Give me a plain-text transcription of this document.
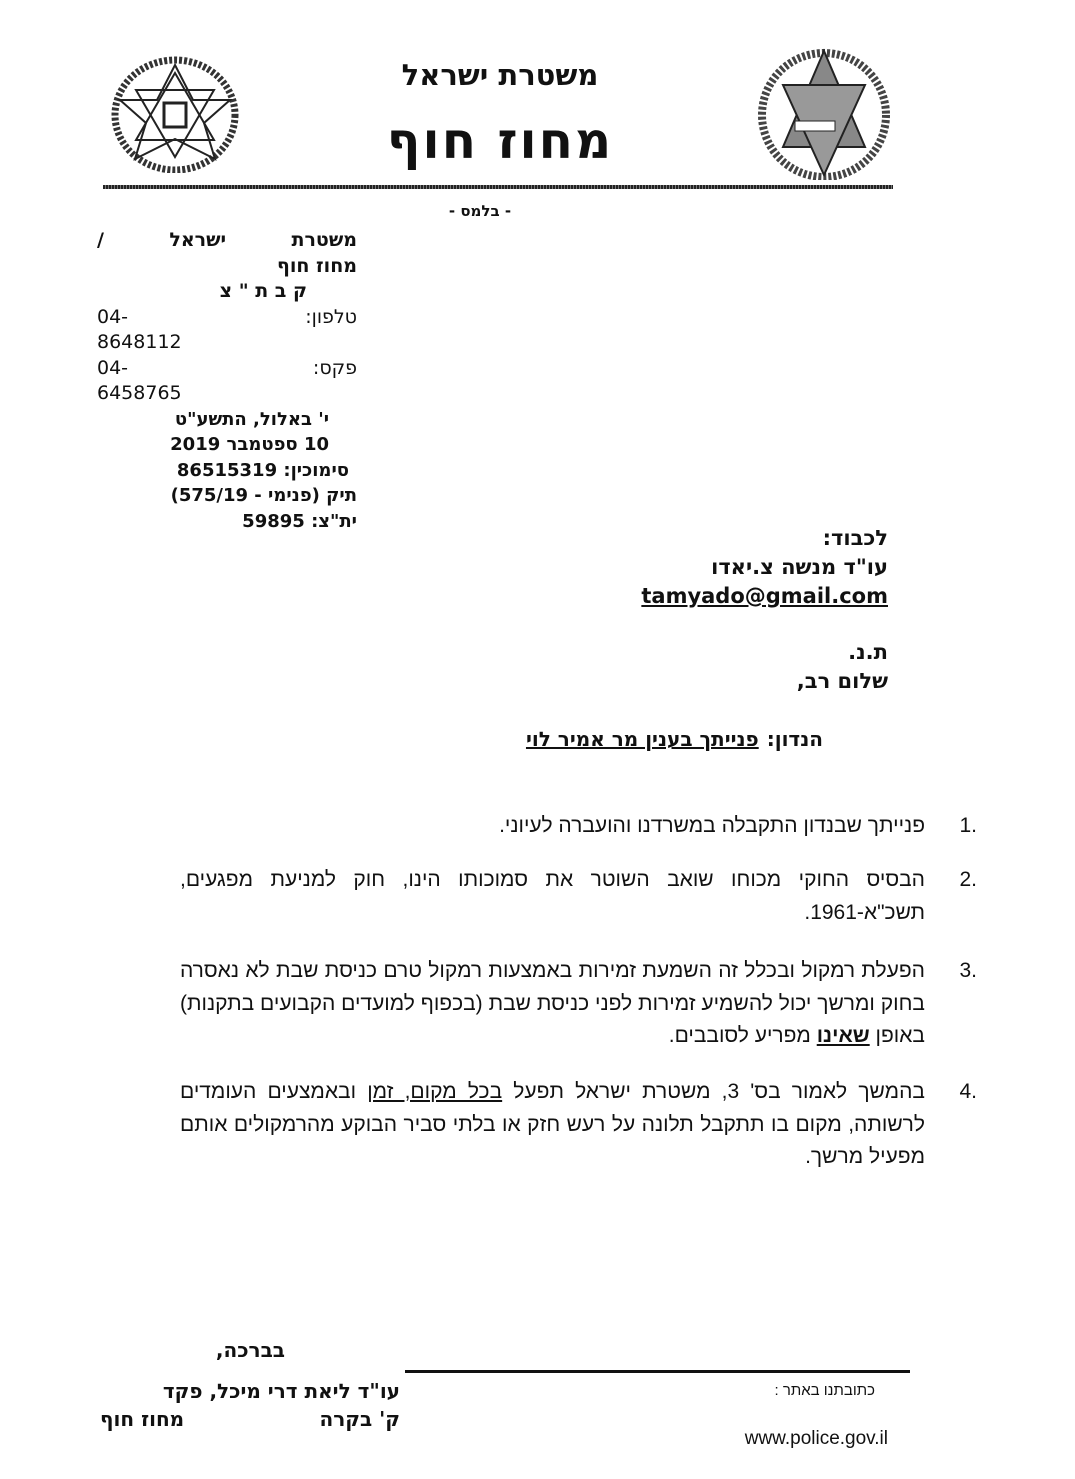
משטרת ישראל
מחוז חוף
- בלמס -
משטרת
ישראל
/
מחוז חוף
ק ב ת " צ
טלפון:
04-
8648112
פקס:
04-
6458765
י' באלול, התשע"ט
10 ספטמבר 2019
סימוכין: 86515319
תיק (פנימי - 575/19)
ית"צ: 59895
לכבוד:
עו"ד מנשה צ.יאדו
tamyado@gmail.com
ת.נ.
שלום רב,
הנדון:פנייתך בענין מר אמיר לוי
1.
פנייתך שבנדון התקבלה במשרדנו והועברה לעיוני.
2.
הבסיס החוקי מכוחו שואב השוטר את סמוכותו הינו, חוק למניעת מפגעים, תשכ"א-1961.
3.
הפעלת רמקול ובכלל זה השמעת זמירות באמצעות רמקול טרם כניסת שבת לא נאסרה בחוק ומרשך יכול להשמיע זמירות לפני כניסת שבת (בכפוף למועדים הקבועים בתקנות) באופן שאינו מפריע לסובבים.
4.
בהמשך לאמור בס' 3, משטרת ישראל תפעל בכל מקום, זמן ובאמצעים העומדים לרשותה, מקום בו תתקבל תלונה על רעש חזק או בלתי סביר הבוקע מהרמקולים אותם מפעיל מרשך.
בברכה,
עו"ד ליאת דרי מיכל, פקד
ק' בקרה
מחוז חוף
כתובתנו באתר :
www.police.gov.il
